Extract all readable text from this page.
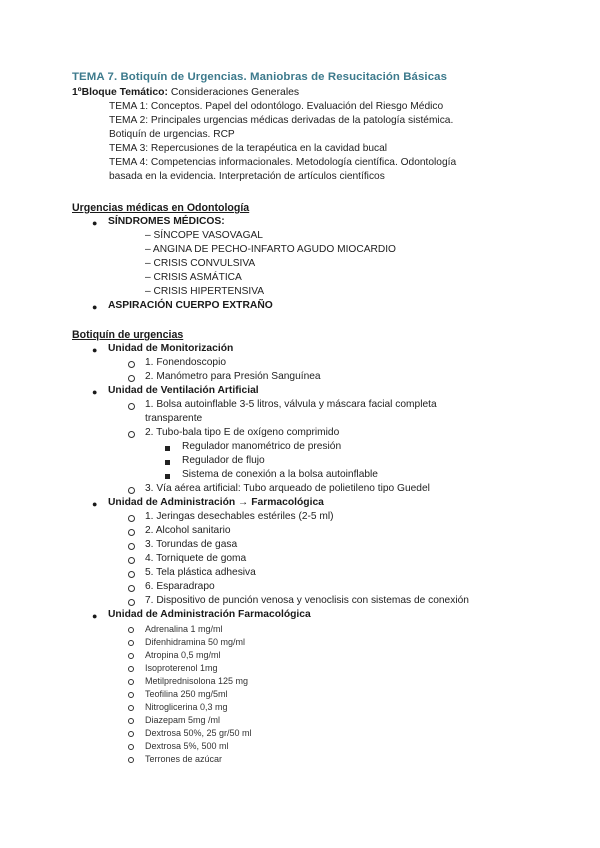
TEMA 7. Botiquín de Urgencias. Maniobras de Resucitación Básicas
1ºBloque Temático: Consideraciones Generales
TEMA 1: Conceptos. Papel del odontólogo. Evaluación del Riesgo Médico
TEMA 2: Principales urgencias médicas derivadas de la patología sistémica.
Botiquín de urgencias. RCP
TEMA 3: Repercusiones de la terapéutica en la cavidad bucal
TEMA 4: Competencias informacionales. Metodología científica. Odontología
basada en la evidencia. Interpretación de artículos científicos
Urgencias médicas en Odontología
● SÍNDROMES MÉDICOS:
– SÍNCOPE VASOVAGAL
– ANGINA DE PECHO-INFARTO AGUDO MIOCARDIO
– CRISIS CONVULSIVA
– CRISIS ASMÁTICA
– CRISIS HIPERTENSIVA
● ASPIRACIÓN CUERPO EXTRAÑO
Botiquín de urgencias
● Unidad de Monitorización
1. Fonendoscopio
2. Manómetro para Presión Sanguínea
● Unidad de Ventilación Artificial
1. Bolsa autoinflable 3-5 litros, válvula y máscara facial completa
transparente
2. Tubo-bala tipo E de oxígeno comprimido
Regulador manométrico de presión
Regulador de flujo
Sistema de conexión a la bolsa autoinflable
3. Vía aérea artificial: Tubo arqueado de polietileno tipo Guedel
● Unidad de Administración → Farmacológica
1. Jeringas desechables estériles (2-5 ml)
2. Alcohol sanitario
3. Torundas de gasa
4. Torniquete de goma
5. Tela plástica adhesiva
6. Esparadrapo
7. Dispositivo de punción venosa y venoclisis con sistemas de conexión
● Unidad de Administración Farmacológica
Adrenalina 1 mg/ml
Difenhidramina 50 mg/ml
Atropina 0,5 mg/ml
Isoproterenol 1mg
Metilprednisolona 125 mg
Teofilina 250 mg/5ml
Nitroglicerina 0,3 mg
Diazepam 5mg /ml
Dextrosa 50%, 25 gr/50 ml
Dextrosa 5%, 500 ml
Terrones de azúcar
